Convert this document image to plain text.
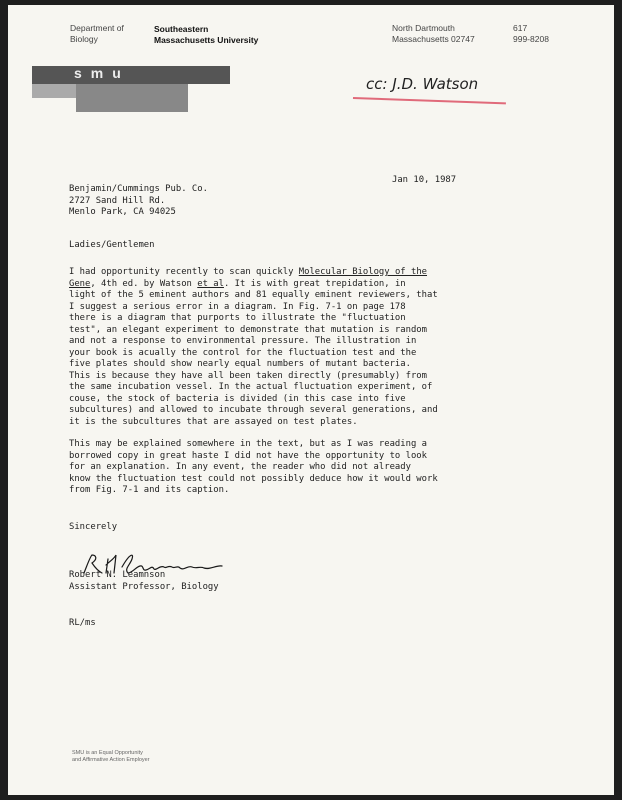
Department of
Biology
Southeastern
Massachusetts University
North Dartmouth
Massachusetts 02747
617
999-8208
smu
cc: J.D. Watson
Jan 10, 1987
Benjamin/Cummings Pub. Co.
2727 Sand Hill Rd.
Menlo Park, CA 94025
Ladies/Gentlemen
I had opportunity recently to scan quickly Molecular Biology of the
Gene, 4th ed. by Watson et al. It is with great trepidation, in
light of the 5 eminent authors and 81 equally eminent reviewers, that
I suggest a serious error in a diagram. In Fig. 7-1 on page 178
there is a diagram that purports to illustrate the "fluctuation
test", an elegant experiment to demonstrate that mutation is random
and not a response to environmental pressure. The illustration in
your book is acually the control for the fluctuation test and the
five plates should show nearly equal numbers of mutant bacteria.
This is because they have all been taken directly (presumably) from
the same incubation vessel. In the actual fluctuation experiment, of
couse, the stock of bacteria is divided (in this case into five
subcultures) and allowed to incubate through several generations, and
it is the subcultures that are assayed on test plates.
This may be explained somewhere in the text, but as I was reading a
borrowed copy in great haste I did not have the opportunity to look
for an explanation. In any event, the reader who did not already
know the fluctuation test could not possibly deduce how it would work
from Fig. 7-1 and its caption.
Sincerely
Robert N. Leamnson
Assistant Professor, Biology
RL/ms
SMU is an Equal Opportunity
and Affirmative Action Employer
